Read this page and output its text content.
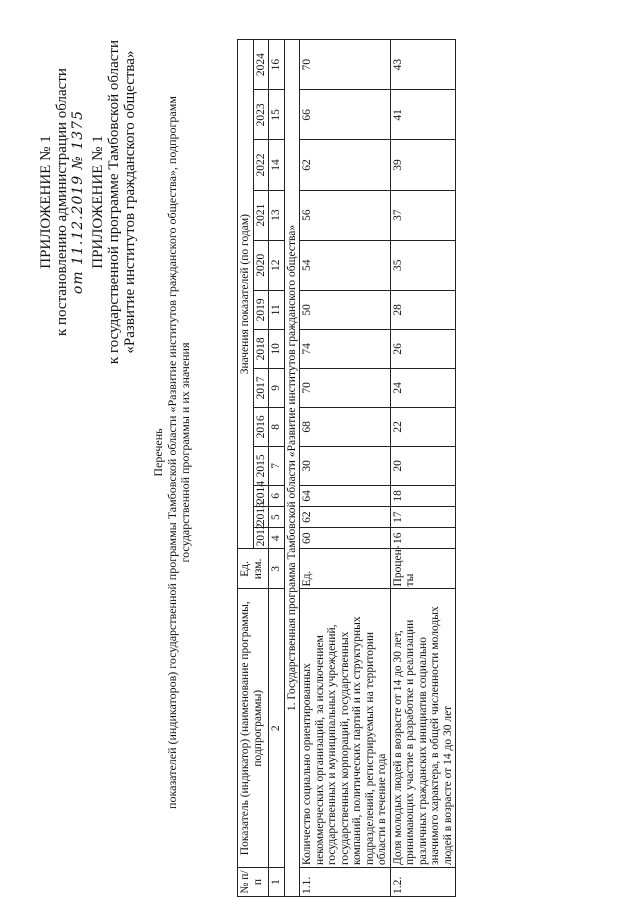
ПРИЛОЖЕНИЕ № 1 к постановлению администрации области от 11.12.2019 № 1375 ПРИЛОЖЕНИЕ № 1 к государственной программе Тамбовской области «Развитие институтов гражданского общества»
Перечень показателей (индикаторов) государственной программы Тамбовской области «Развитие институтов гражданского общества», подпрограмм государственной программы и их значения
№ п/п	Показатель (индикатор) (наименование программы, подпрограммы)	Ед. изм.	Значения показателей (по годам)												
			2012	2013	2014	2015	2016	2017	2018	2019	2020	2021	2022	2023	2024
1	2	3	4	5	6	7	8	9	10	11	12	13	14	15	16
1. Государственная программа Тамбовской области «Развитие институтов гражданского общества»															
1.1.	Количество социально ориентированных некоммерческих организаций, за исключением государственных и муниципальных учреждений, государственных корпораций, государственных компаний, политических партий и их структурных подразделений, регистрируемых на территории области в течение года	Ед.	60	62	64	30	68	70	74	50	54	56	62	66	70
1.2.	Доля молодых людей в возрасте от 14 до 30 лет, принимающих участие в разработке и реализации различных гражданских инициатив социально значимого характера, в общей численности молодых людей в возрасте от 14 до 30 лет	Процен-ты	16	17	18	20	22	24	26	28	35	37	39	41	43
